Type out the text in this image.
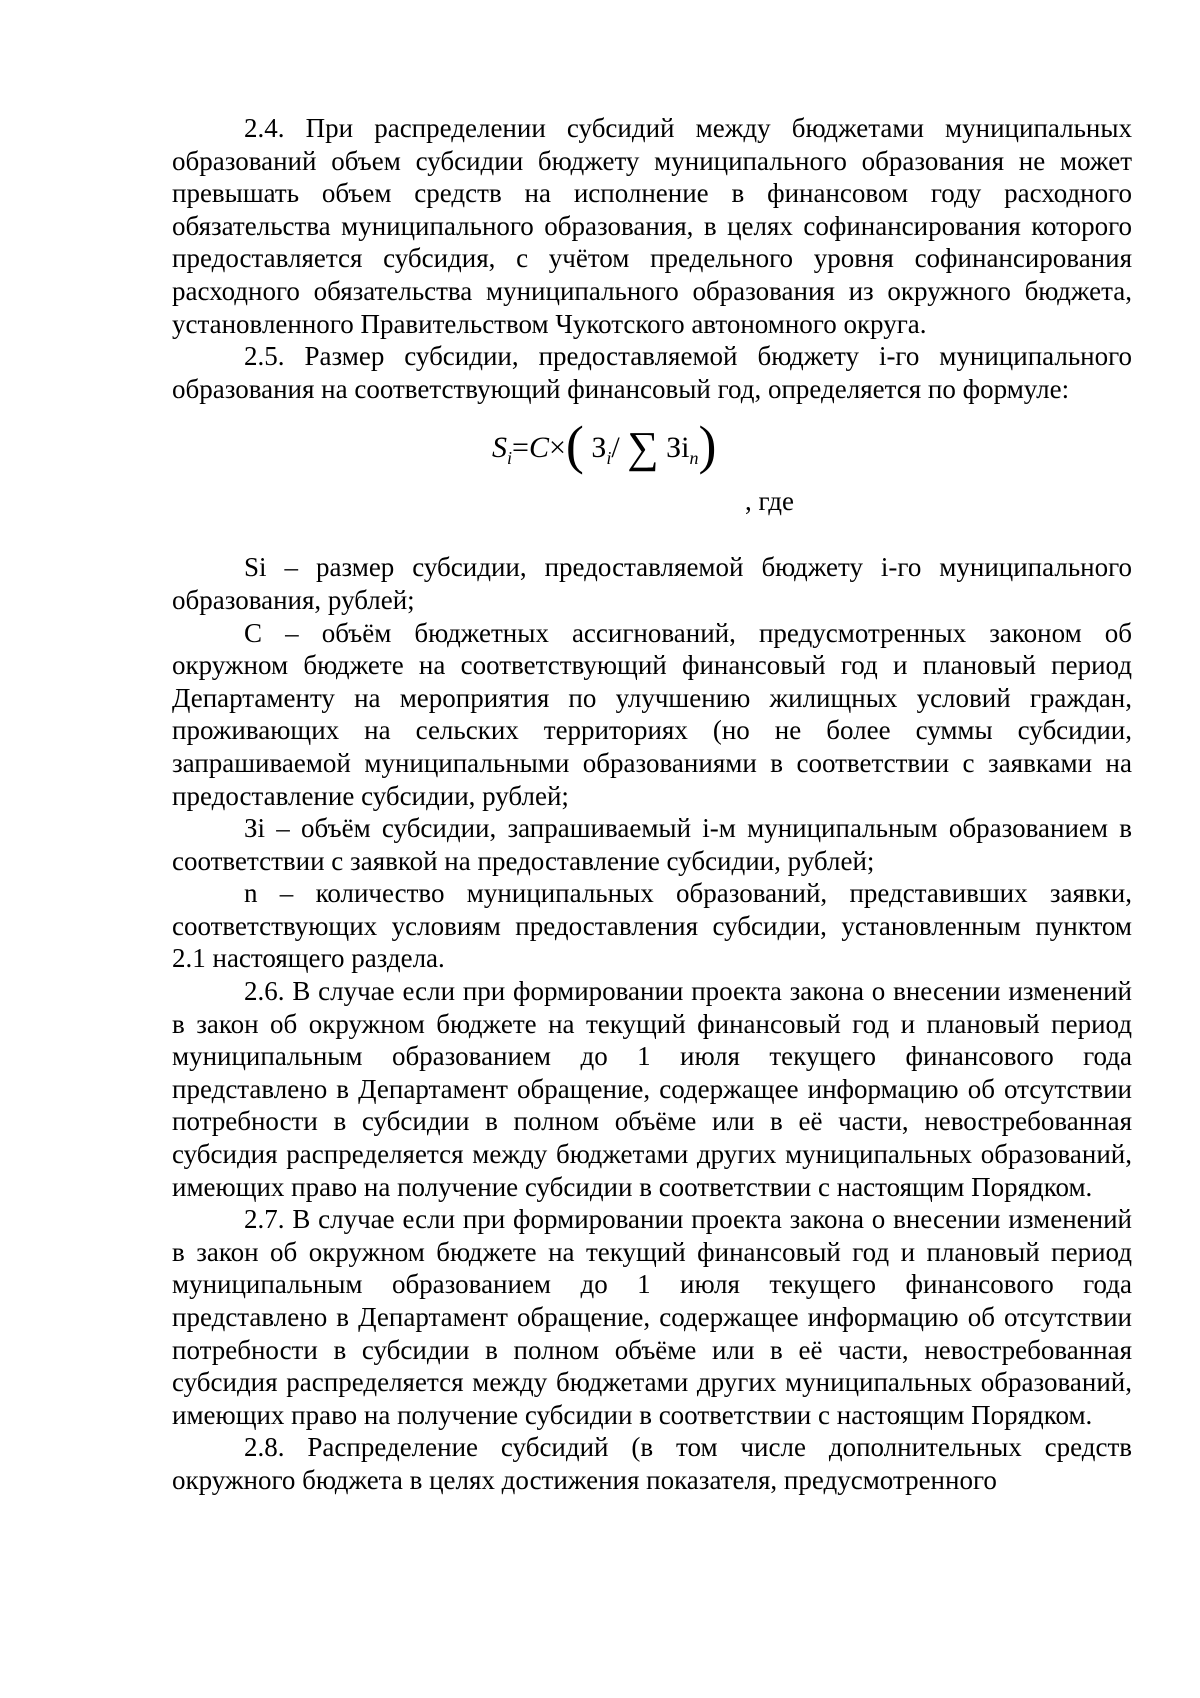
2.4. При распределении субсидий между бюджетами муниципальных образований объем субсидии бюджету муниципального образования не может превышать объем средств на исполнение в финансовом году расходного обязательства муниципального образования, в целях софинансирования которого предоставляется субсидия, с учётом предельного уровня софинансирования расходного обязательства муниципального образования из окружного бюджета, установленного Правительством Чукотского автономного округа.

2.5. Размер субсидии, предоставляемой бюджету i-го муниципального образования на соответствующий финансовый год, определяется по формуле:

$S_i=C\times$( $З_i/$ ∑ $Зi_n$)
, где

Si – размер субсидии, предоставляемой бюджету i-го муниципального образования, рублей;

С – объём бюджетных ассигнований, предусмотренных законом об окружном бюджете на соответствующий финансовый год и плановый период Департаменту на мероприятия по улучшению жилищных условий граждан, проживающих на сельских территориях (но не более суммы субсидии, запрашиваемой муниципальными образованиями в соответствии с заявками на предоставление субсидии, рублей;

Зi – объём субсидии, запрашиваемый i-м муниципальным образованием в соответствии с заявкой на предоставление субсидии, рублей;

n – количество муниципальных образований, представивших заявки, соответствующих условиям предоставления субсидии, установленным пунктом 2.1 настоящего раздела.

2.6. В случае если при формировании проекта закона о внесении изменений в закон об окружном бюджете на текущий финансовый год и плановый период муниципальным образованием до 1 июля текущего финансового года представлено в Департамент обращение, содержащее информацию об отсутствии потребности в субсидии в полном объёме или в её части, невостребованная субсидия распределяется между бюджетами других муниципальных образований, имеющих право на получение субсидии в соответствии с настоящим Порядком.

2.7. В случае если при формировании проекта закона о внесении изменений в закон об окружном бюджете на текущий финансовый год и плановый период муниципальным образованием до 1 июля текущего финансового года представлено в Департамент обращение, содержащее информацию об отсутствии потребности в субсидии в полном объёме или в её части, невостребованная субсидия распределяется между бюджетами других муниципальных образований, имеющих право на получение субсидии в соответствии с настоящим Порядком.

2.8. Распределение субсидий (в том числе дополнительных средств окружного бюджета в целях достижения показателя, предусмотренного
